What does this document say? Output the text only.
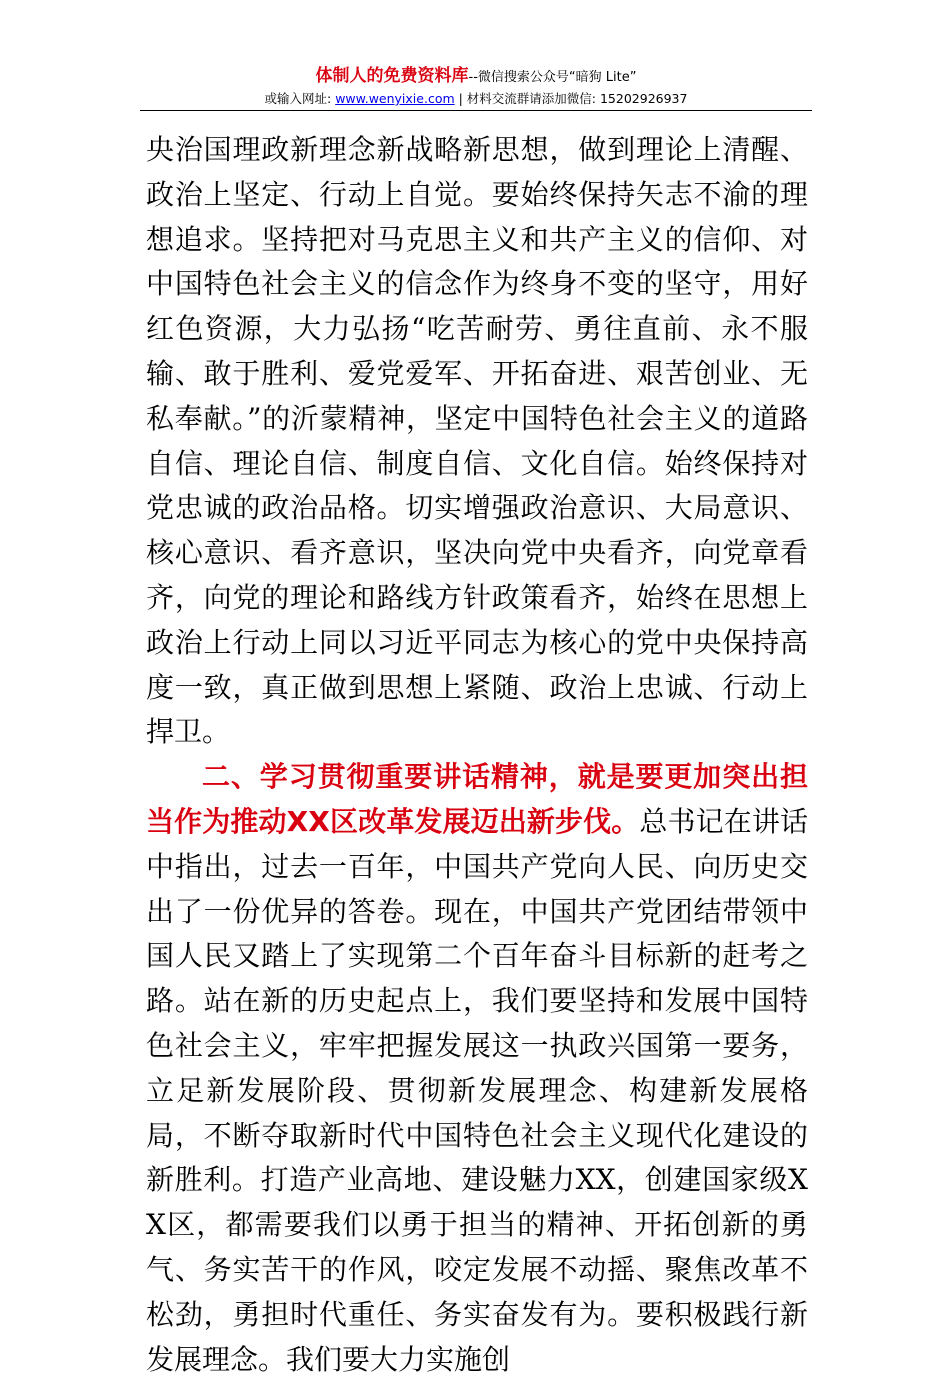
体制人的免费资料库--微信搜索公众号“暗狗 Lite”
或输入网址: www.wenyixie.com | 材料交流群请添加微信: 15202926937

央治国理政新理念新战略新思想，做到理论上清醒、政治上坚定、行动上自觉。要始终保持矢志不渝的理想追求。坚持把对马克思主义和共产主义的信仰、对中国特色社会主义的信念作为终身不变的坚守，用好红色资源，大力弘扬“吃苦耐劳、勇往直前、永不服输、敢于胜利、爱党爱军、开拓奋进、艰苦创业、无私奉献。”的沂蒙精神，坚定中国特色社会主义的道路自信、理论自信、制度自信、文化自信。始终保持对党忠诚的政治品格。切实增强政治意识、大局意识、核心意识、看齐意识，坚决向党中央看齐，向党章看齐，向党的理论和路线方针政策看齐，始终在思想上政治上行动上同以习近平同志为核心的党中央保持高度一致，真正做到思想上紧随、政治上忠诚、行动上捍卫。

二、学习贯彻重要讲话精神，就是要更加突出担当作为推动XX区改革发展迈出新步伐。总书记在讲话中指出，过去一百年，中国共产党向人民、向历史交出了一份优异的答卷。现在，中国共产党团结带领中国人民又踏上了实现第二个百年奋斗目标新的赶考之路。站在新的历史起点上，我们要坚持和发展中国特色社会主义，牢牢把握发展这一执政兴国第一要务，立足新发展阶段、贯彻新发展理念、构建新发展格局，不断夺取新时代中国特色社会主义现代化建设的新胜利。打造产业高地、建设魅力XX，创建国家级XX区，都需要我们以勇于担当的精神、开拓创新的勇气、务实苦干的作风，咬定发展不动摇、聚焦改革不松劲，勇担时代重任、务实奋发有为。要积极践行新发展理念。我们要大力实施创
